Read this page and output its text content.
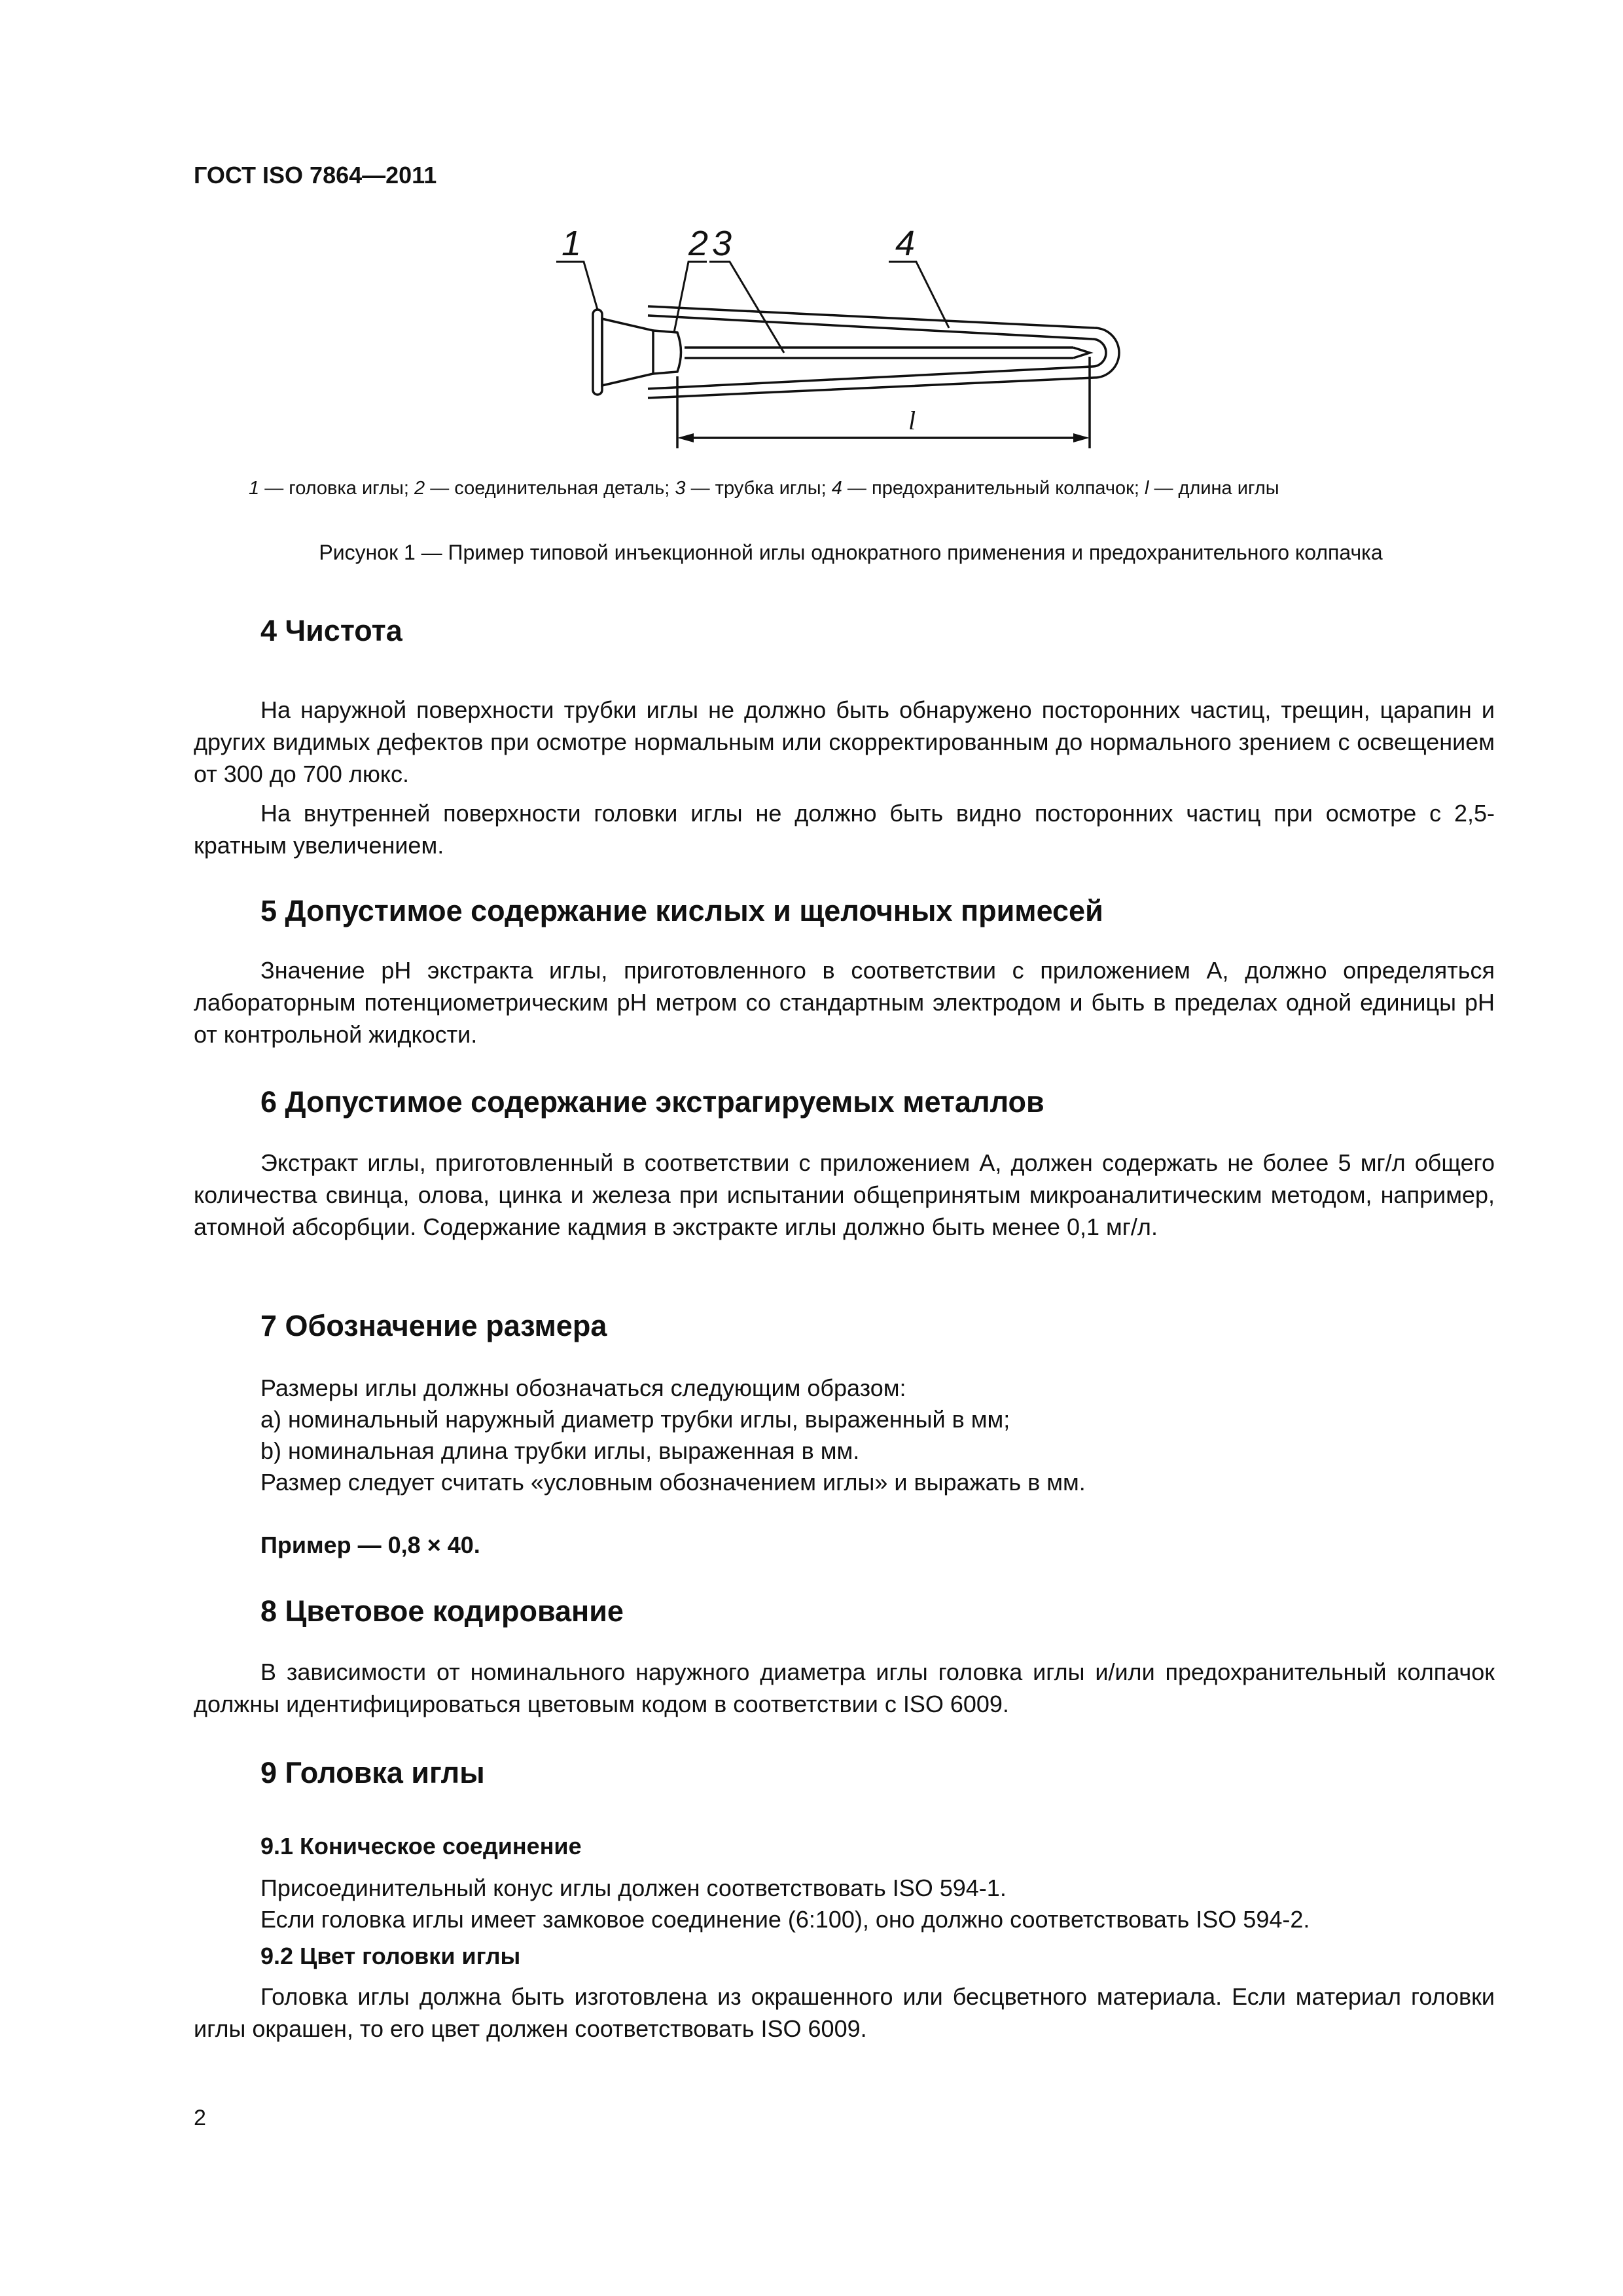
ГОСТ ISO 7864—2011
1	2 3	4
l
1 — головка иглы; 2 — соединительная деталь; 3 — трубка иглы; 4 — предохранительный колпачок; l — длина иглы
Рисунок 1 — Пример типовой инъекционной иглы однократного применения и предохранительного колпачка
4 Чистота
На наружной поверхности трубки иглы не должно быть обнаружено посторонних частиц, трещин, царапин и других видимых дефектов при осмотре нормальным или скорректированным до нормального зрением с освещением от 300 до 700 люкс.
На внутренней поверхности головки иглы не должно быть видно посторонних частиц при осмотре с 2,5-кратным увеличением.
5 Допустимое содержание кислых и щелочных примесей
Значение рН экстракта иглы, приготовленного в соответствии с приложением А, должно определяться лабораторным потенциометрическим рН метром со стандартным электродом и быть в пределах одной единицы рН от контрольной жидкости.
6 Допустимое содержание экстрагируемых металлов
Экстракт иглы, приготовленный в соответствии с приложением А, должен содержать не более 5 мг/л общего количества свинца, олова, цинка и железа при испытании общепринятым микроаналитическим методом, например, атомной абсорбции. Содержание кадмия в экстракте иглы должно быть менее 0,1 мг/л.
7 Обозначение размера
Размеры иглы должны обозначаться следующим образом:
a) номинальный наружный диаметр трубки иглы, выраженный в мм;
b) номинальная длина трубки иглы, выраженная в мм.
Размер следует считать «условным обозначением иглы» и выражать в мм.
Пример — 0,8 × 40.
8 Цветовое кодирование
В зависимости от номинального наружного диаметра иглы головка иглы и/или предохранительный колпачок должны идентифицироваться цветовым кодом в соответствии с ISO 6009.
9 Головка иглы
9.1 Коническое соединение
Присоединительный конус иглы должен соответствовать ISO 594-1.
Если головка иглы имеет замковое соединение (6:100), оно должно соответствовать ISO 594-2.
9.2 Цвет головки иглы
Головка иглы должна быть изготовлена из окрашенного или бесцветного материала. Если материал головки иглы окрашен, то его цвет должен соответствовать ISO 6009.
2
